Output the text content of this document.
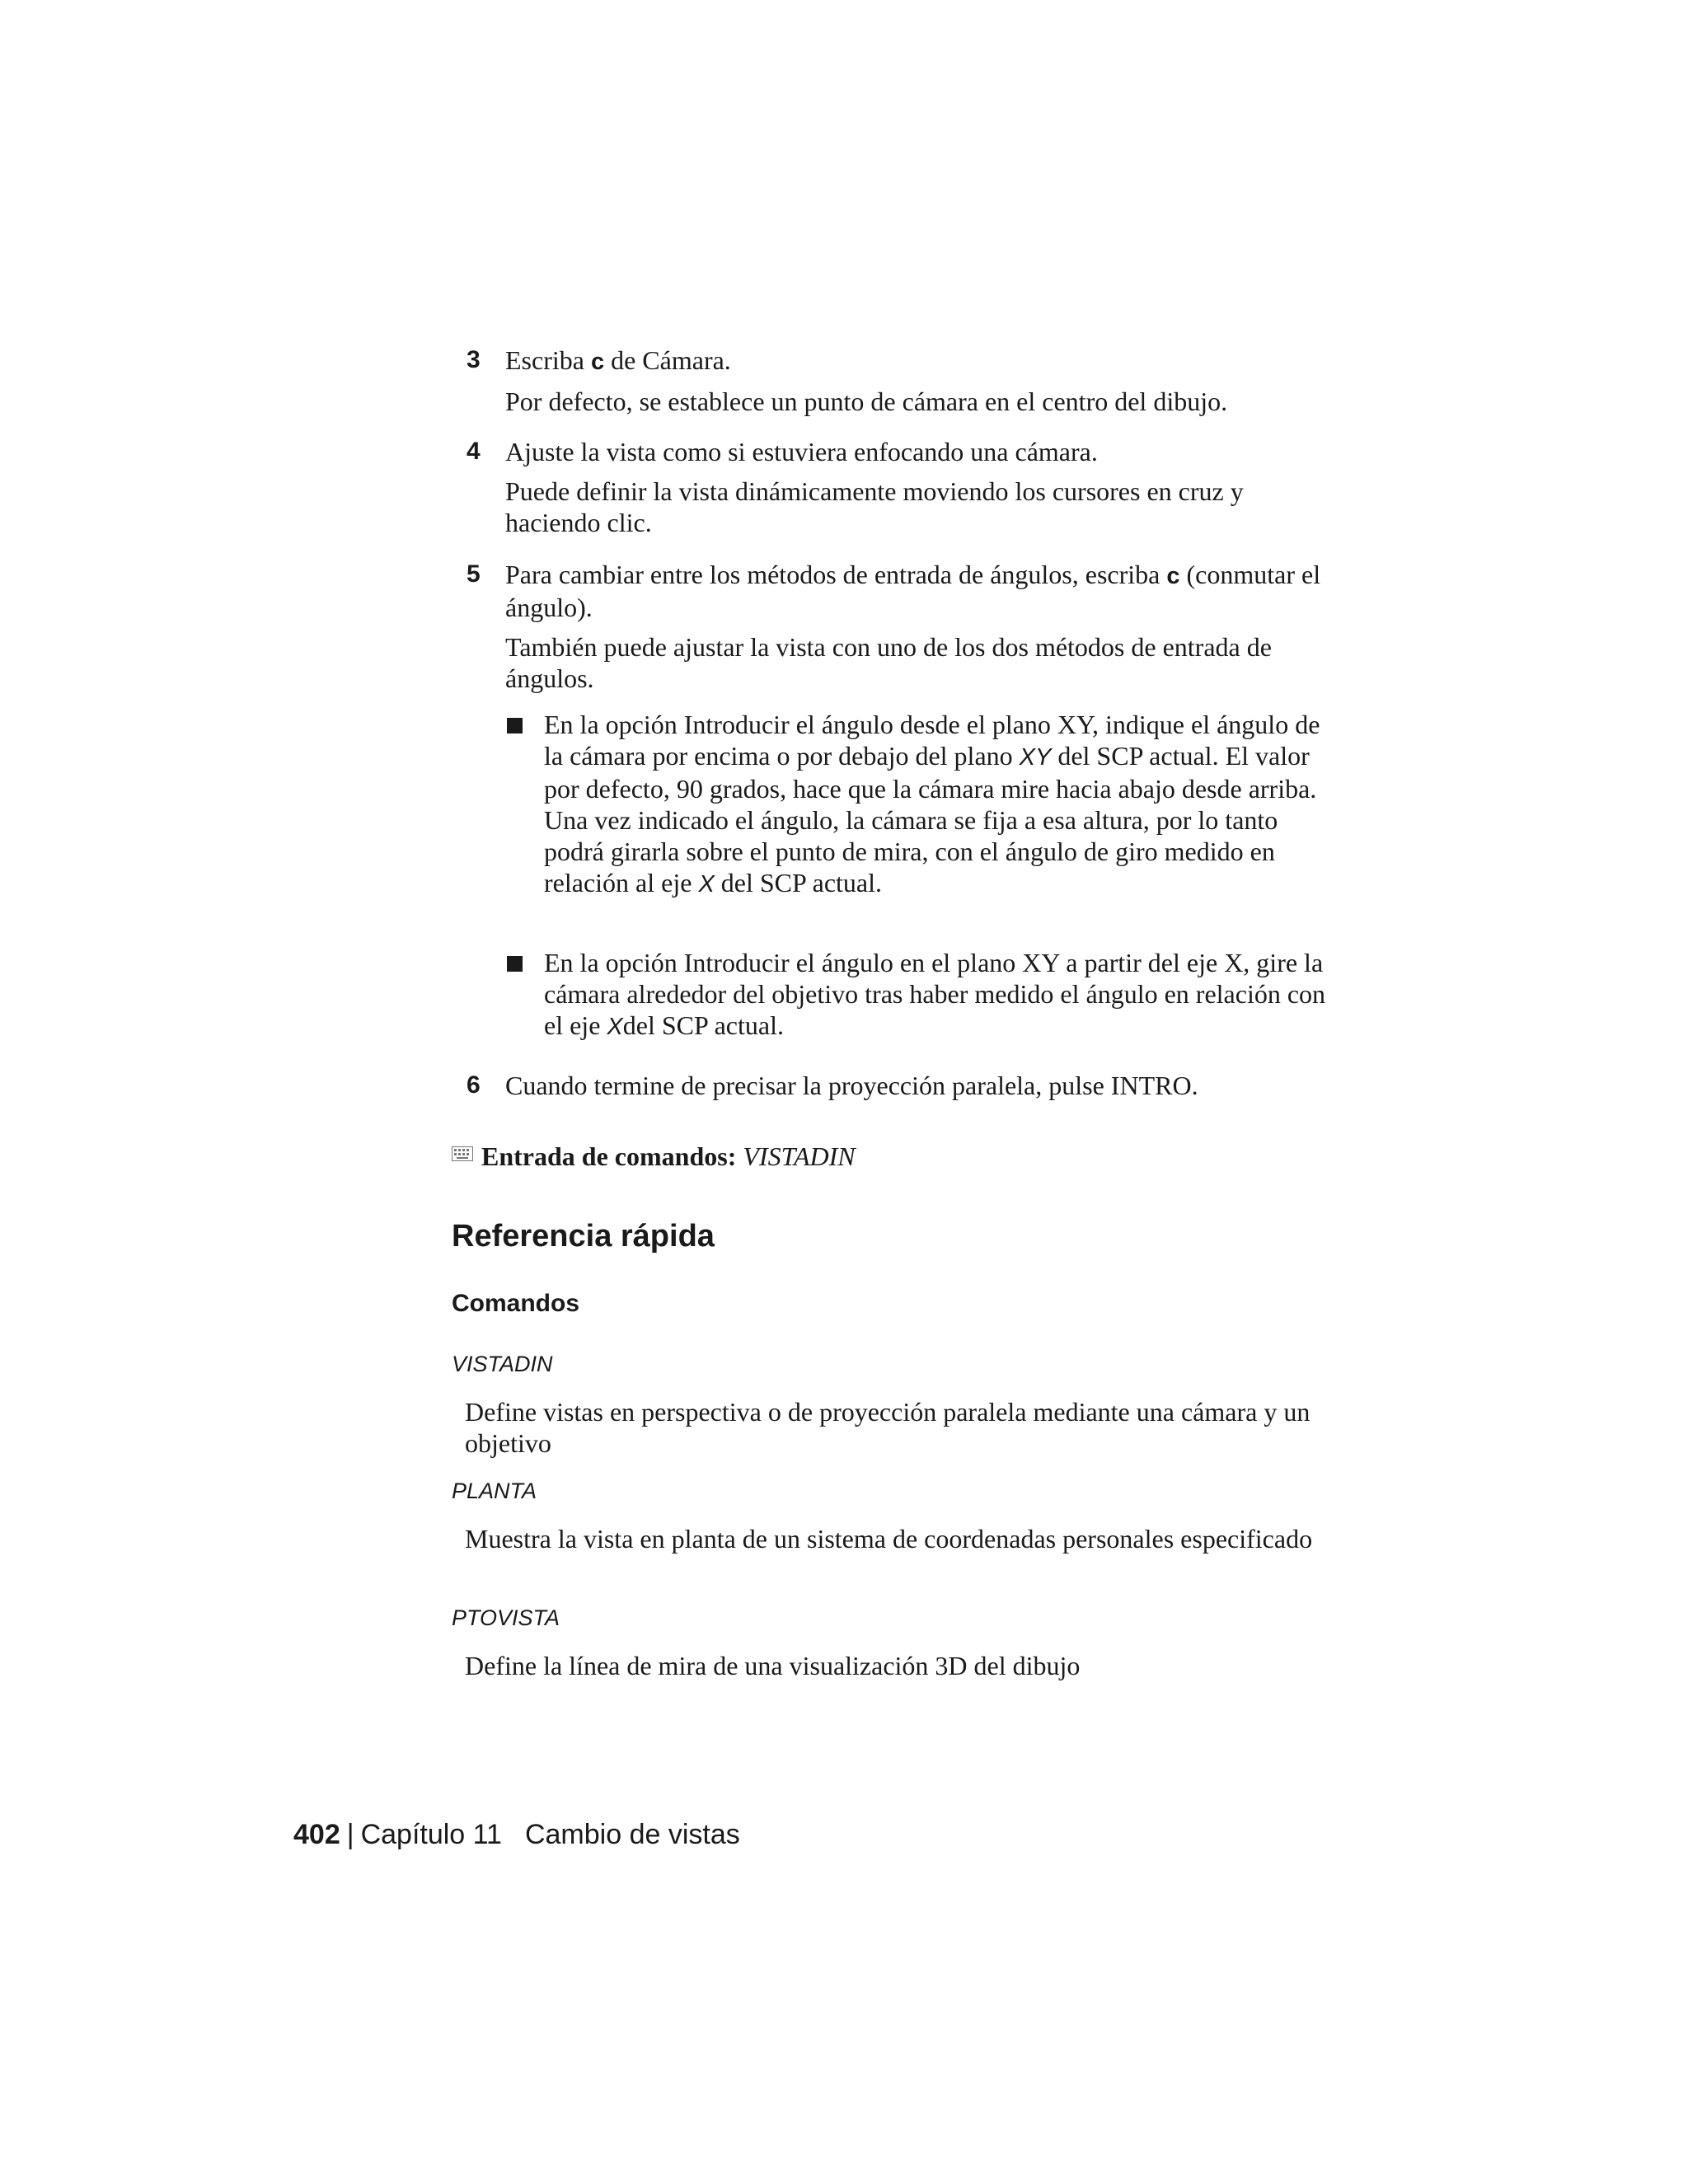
3 Escriba c de Cámara.

Por defecto, se establece un punto de cámara en el centro del dibujo.

4 Ajuste la vista como si estuviera enfocando una cámara.

Puede definir la vista dinámicamente moviendo los cursores en cruz y haciendo clic.

5 Para cambiar entre los métodos de entrada de ángulos, escriba c (conmutar el ángulo).

También puede ajustar la vista con uno de los dos métodos de entrada de ángulos.

En la opción Introducir el ángulo desde el plano XY, indique el ángulo de la cámara por encima o por debajo del plano XY del SCP actual. El valor por defecto, 90 grados, hace que la cámara mire hacia abajo desde arriba.

Una vez indicado el ángulo, la cámara se fija a esa altura, por lo tanto podrá girarla sobre el punto de mira, con el ángulo de giro medido en relación al eje X del SCP actual.

En la opción Introducir el ángulo en el plano XY a partir del eje X, gire la cámara alrededor del objetivo tras haber medido el ángulo en relación con el eje Xdel SCP actual.

6 Cuando termine de precisar la proyección paralela, pulse INTRO.

Entrada de comandos: VISTADIN
Referencia rápida
Comandos
VISTADIN
Define vistas en perspectiva o de proyección paralela mediante una cámara y un objetivo
PLANTA
Muestra la vista en planta de un sistema de coordenadas personales especificado
PTOVISTA
Define la línea de mira de una visualización 3D del dibujo
402 | Capítulo 11 Cambio de vistas
